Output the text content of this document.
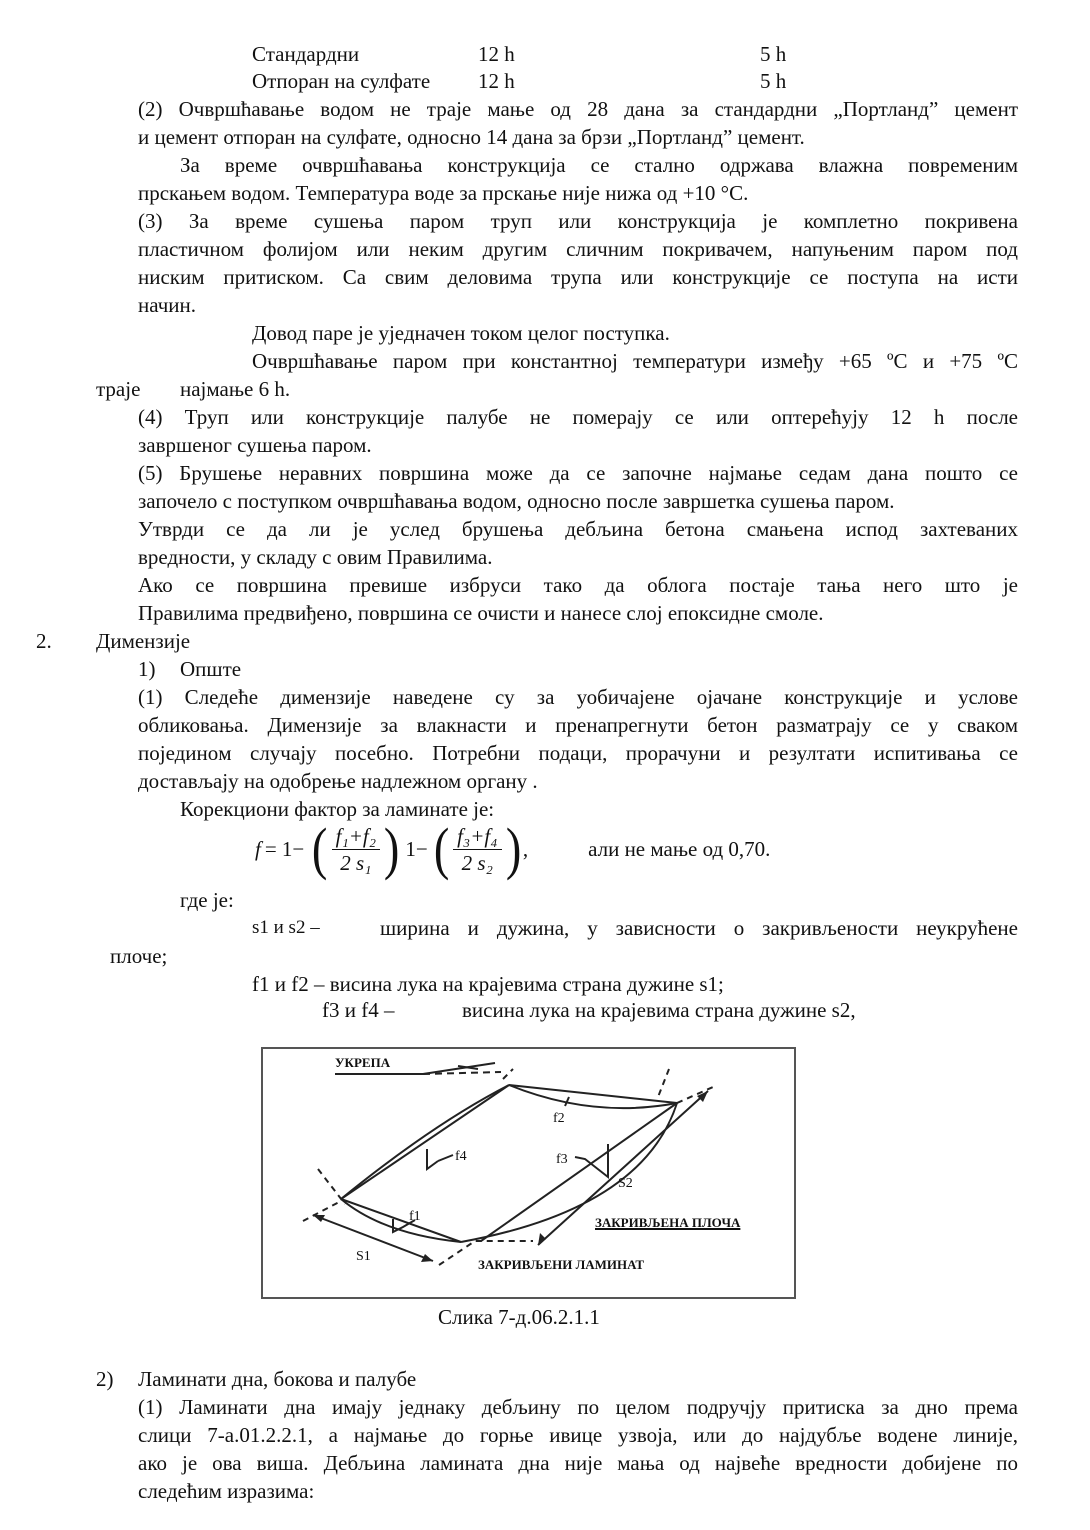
Стандардни	12 h	5 h
Отпоран на сулфате 12 h	5 h
(2) Очвршћавање водом не траје мање од 28 дана за стандардни „Портланд” цемент
и цемент отпоран на сулфате, односно 14 дана за брзи „Портланд” цемент.
За време очвршћавања конструкција се стално одржава влажна повременим
прскањем водом. Температура воде за прскање није нижа од +10 °C.
(3) За време сушења паром труп или конструкција је комплетно покривена
пластичном фолијом или неким другим сличним покривачем, напуњеним паром под
ниским притиском. Са свим деловима трупа или конструкције се поступа на исти
начин.
Довод паре је уједначен током целог поступка.
Очвршћавање паром при константној температури између +65 ºC и +75 ºC
траје најмање 6 h.
(4) Труп или конструкције палубе не померају се или оптерећују 12 h после
завршеног сушења паром.
(5) Брушење неравних површина може да се започне најмање седам дана пошто се
започело с поступком очвршћавања водом, односно после завршетка сушења паром.
Утврди се да ли је услед брушења дебљина бетона смањена испод захтеваних
вредности, у складу с овим Правилима.
Ако се површина превише избруси тако да облога постаје тања него што је
Правилима предвиђено, површина се очисти и нанесе слој епоксидне смоле.
2. Димензије
1) Опште
(1) Следеће димензије наведене су за уобичајене ојачане конструкције и услове
обликовања. Димензије за влакнасти и пренапрегнути бетон разматрају се у сваком
појединoм случају посебно. Потребни подаци, прорачуни и резултати испитивања се
достављају на одобрење надлежном органу .
Корекциони фактор за ламинате је:
f = 1− ( $\frac{\text{f₁+f₂}}{\text{2 s₁}}$ ) 1− ( $\frac{\text{f₃+f₄}}{\text{2 s₂}}$ ) ,	али не мање од 0,70.
где је:
s1 и s2 –	ширина и дужина, у зависности о закривљености неукрућене
плоче;
f1 и f2 – висина лука на крајевима страна дужине s1;
f3 и f4 –	висина лука на крајевима страна дужине s2,
УКРЕПА
f4
f1
S1
f2
f3
S2
ЗАКРИВЉЕНА ПЛОЧА
ЗАКРИВЉЕНИ ЛАМИНАТ
Слика 7-д.06.2.1.1
2) Ламинати дна, бокова и палубе
(1) Ламинати дна имају једнаку дебљину по целом подручју притиска за дно према
слици 7-а.01.2.2.1, а најмање до горње ивице узвоја, или до најдубље водене линије,
ако је ова виша. Дебљина ламината дна није мања од највеће вредности добијене по
следећим изразима:
